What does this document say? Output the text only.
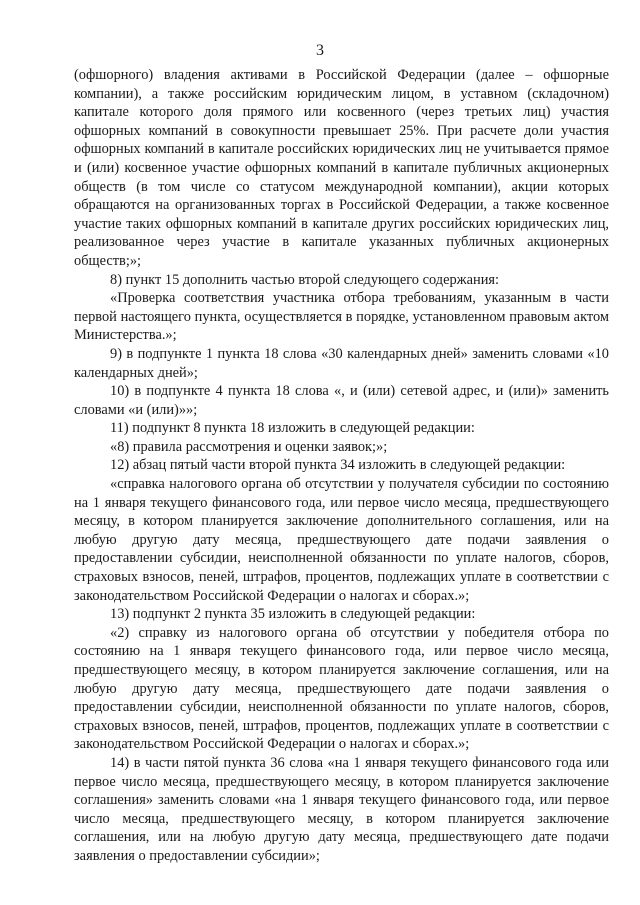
3

(офшорного) владения активами в Российской Федерации (далее – офшорные компании), а также российским юридическим лицом, в уставном (складочном) капитале которого доля прямого или косвенного (через третьих лиц) участия офшорных компаний в совокупности превышает 25%. При расчете доли участия офшорных компаний в капитале российских юридических лиц не учитывается прямое и (или) косвенное участие офшорных компаний в капитале публичных акционерных обществ (в том числе со статусом международной компании), акции которых обращаются на организованных торгах в Российской Федерации, а также косвенное участие таких офшорных компаний в капитале других российских юридических лиц, реализованное через участие в капитале указанных публичных акционерных обществ;»;

8) пункт 15 дополнить частью второй следующего содержания:

«Проверка соответствия участника отбора требованиям, указанным в части первой настоящего пункта, осуществляется в порядке, установленном правовым актом Министерства.»;

9) в подпункте 1 пункта 18 слова «30 календарных дней» заменить словами «10 календарных дней»;

10) в подпункте 4 пункта 18 слова «, и (или) сетевой адрес, и (или)» заменить словами «и (или)»»;

11) подпункт 8 пункта 18 изложить в следующей редакции:

«8) правила рассмотрения и оценки заявок;»;

12) абзац пятый части второй пункта 34 изложить в следующей редакции:

«справка налогового органа об отсутствии у получателя субсидии по состоянию на 1 января текущего финансового года, или первое число месяца, предшествующего месяцу, в котором планируется заключение дополнительного соглашения, или на любую другую дату месяца, предшествующего дате подачи заявления о предоставлении субсидии, неисполненной обязанности по уплате налогов, сборов, страховых взносов, пеней, штрафов, процентов, подлежащих уплате в соответствии с законодательством Российской Федерации о налогах и сборах.»;

13) подпункт 2 пункта 35 изложить в следующей редакции:

«2) справку из налогового органа об отсутствии у победителя отбора по состоянию на 1 января текущего финансового года, или первое число месяца, предшествующего месяцу, в котором планируется заключение соглашения, или на любую другую дату месяца, предшествующего дате подачи заявления о предоставлении субсидии, неисполненной обязанности по уплате налогов, сборов, страховых взносов, пеней, штрафов, процентов, подлежащих уплате в соответствии с законодательством Российской Федерации о налогах и сборах.»;

14) в части пятой пункта 36 слова «на 1 января текущего финансового года или первое число месяца, предшествующего месяцу, в котором планируется заключение соглашения» заменить словами «на 1 января текущего финансового года, или первое число месяца, предшествующего месяцу, в котором планируется заключение соглашения, или на любую другую дату месяца, предшествующего дате подачи заявления о предоставлении субсидии»;
